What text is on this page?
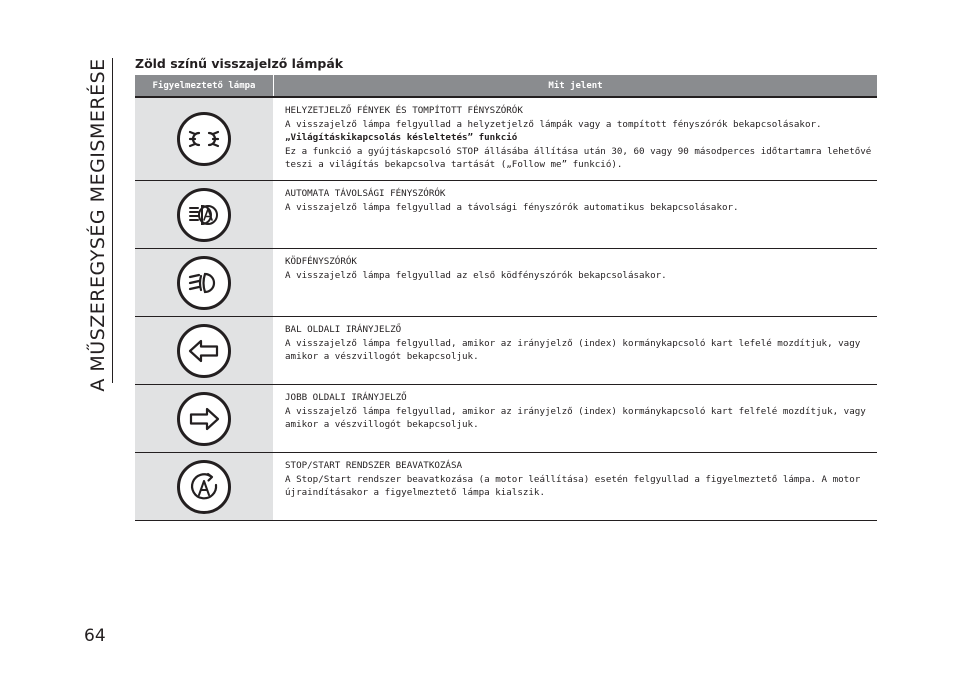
A MŰSZEREGYSÉG MEGISMERÉSE Zöld színű visszajelző lámpák
Figyelmeztető lámpa	Mit jelent
HELYZETJELZŐ FÉNYEK ÉS TOMPÍTOTT FÉNYSZÓRÓK
A visszajelző lámpa felgyullad a helyzetjelző lámpák vagy a tompított fényszórók bekapcsolásakor.
„Világításkikapcsolás késleltetés” funkció
Ez a funkció a gyújtáskapcsoló STOP állásába állítása után 30, 60 vagy 90 másodperces időtartamra lehetővé teszi a világítás bekapcsolva tartását („Follow me” funkció).
AUTOMATA TÁVOLSÁGI FÉNYSZÓRÓK
A visszajelző lámpa felgyullad a távolsági fényszórók automatikus bekapcsolásakor.
KÖDFÉNYSZÓRÓK
A visszajelző lámpa felgyullad az első ködfényszórók bekapcsolásakor.
BAL OLDALI IRÁNYJELZŐ
A visszajelző lámpa felgyullad, amikor az irányjelző (index) kormánykapcsoló kart lefelé mozdítjuk, vagy amikor a vészvillogót bekapcsoljuk.
JOBB OLDALI IRÁNYJELZŐ
A visszajelző lámpa felgyullad, amikor az irányjelző (index) kormánykapcsoló kart felfelé mozdítjuk, vagy amikor a vészvillogót bekapcsoljuk.
STOP/START RENDSZER BEAVATKOZÁSA
A Stop/Start rendszer beavatkozása (a motor leállítása) esetén felgyullad a figyelmeztető lámpa. A motor újraindításakor a figyelmeztető lámpa kialszik.
64
